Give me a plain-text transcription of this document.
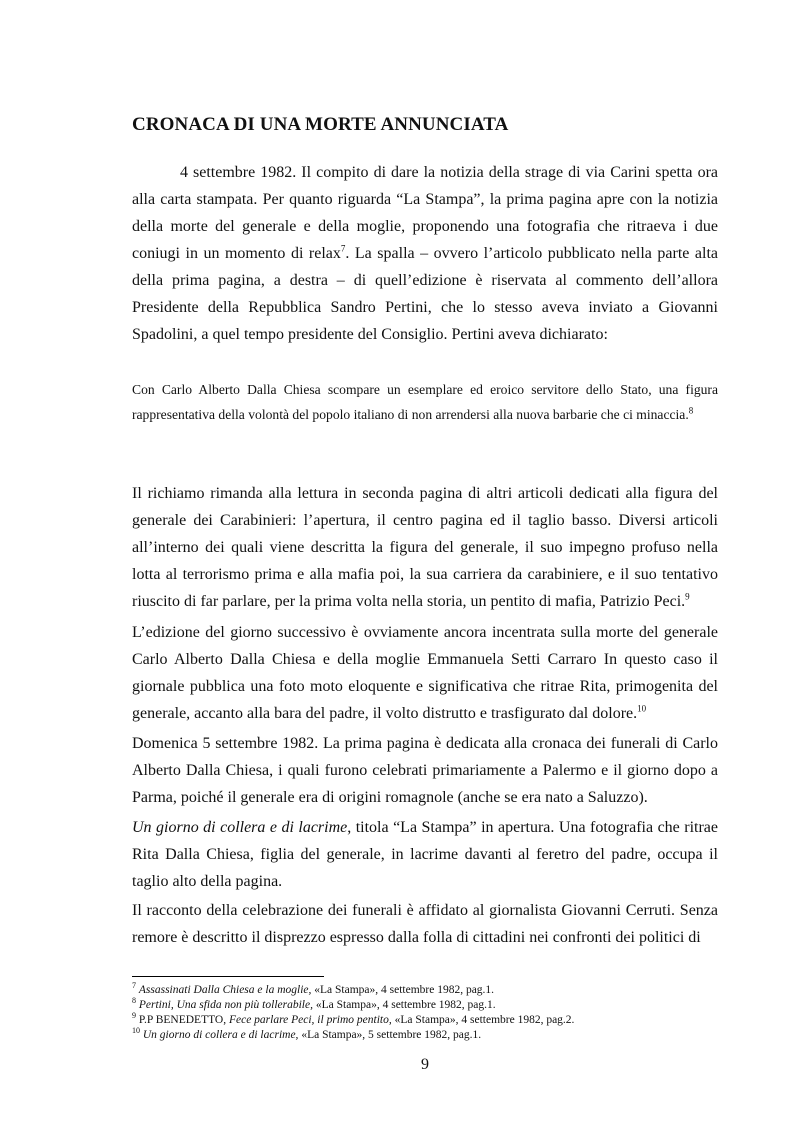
CRONACA DI UNA MORTE ANNUNCIATA

4 settembre 1982. Il compito di dare la notizia della strage di via Carini spetta ora alla carta stampata. Per quanto riguarda “La Stampa”, la prima pagina apre con la notizia della morte del generale e della moglie, proponendo una fotografia che ritraeva i due coniugi in un momento di relax$^7$. La spalla – ovvero l’articolo pubblicato nella parte alta della prima pagina, a destra – di quell’edizione è riservata al commento dell’allora Presidente della Repubblica Sandro Pertini, che lo stesso aveva inviato a Giovanni Spadolini, a quel tempo presidente del Consiglio. Pertini aveva dichiarato:

Con Carlo Alberto Dalla Chiesa scompare un esemplare ed eroico servitore dello Stato, una figura rappresentativa della volontà del popolo italiano di non arrendersi alla nuova barbarie che ci minaccia.$^8$

Il richiamo rimanda alla lettura in seconda pagina di altri articoli dedicati alla figura del generale dei Carabinieri: l’apertura, il centro pagina ed il taglio basso. Diversi articoli all’interno dei quali viene descritta la figura del generale, il suo impegno profuso nella lotta al terrorismo prima e alla mafia poi, la sua carriera da carabiniere, e il suo tentativo riuscito di far parlare, per la prima volta nella storia, un pentito di mafia, Patrizio Peci.$^9$

L’edizione del giorno successivo è ovviamente ancora incentrata sulla morte del generale Carlo Alberto Dalla Chiesa e della moglie Emmanuela Setti Carraro In questo caso il giornale pubblica una foto moto eloquente e significativa che ritrae Rita, primogenita del generale, accanto alla bara del padre, il volto distrutto e trasfigurato dal dolore.$^{10}$

Domenica 5 settembre 1982. La prima pagina è dedicata alla cronaca dei funerali di Carlo Alberto Dalla Chiesa, i quali furono celebrati primariamente a Palermo e il giorno dopo a Parma, poiché il generale era di origini romagnole (anche se era nato a Saluzzo).

Un giorno di collera e di lacrime, titola “La Stampa” in apertura. Una fotografia che ritrae Rita Dalla Chiesa, figlia del generale, in lacrime davanti al feretro del padre, occupa il taglio alto della pagina.

Il racconto della celebrazione dei funerali è affidato al giornalista Giovanni Cerruti. Senza remore è descritto il disprezzo espresso dalla folla di cittadini nei confronti dei politici di

$^7$ Assassinati Dalla Chiesa e la moglie, «La Stampa», 4 settembre 1982, pag.1.
$^8$ Pertini, Una sfida non più tollerabile, «La Stampa», 4 settembre 1982, pag.1.
$^9$ P.P BENEDETTO, Fece parlare Peci, il primo pentito, «La Stampa», 4 settembre 1982, pag.2.
$^{10}$ Un giorno di collera e di lacrime, «La Stampa», 5 settembre 1982, pag.1.
9
